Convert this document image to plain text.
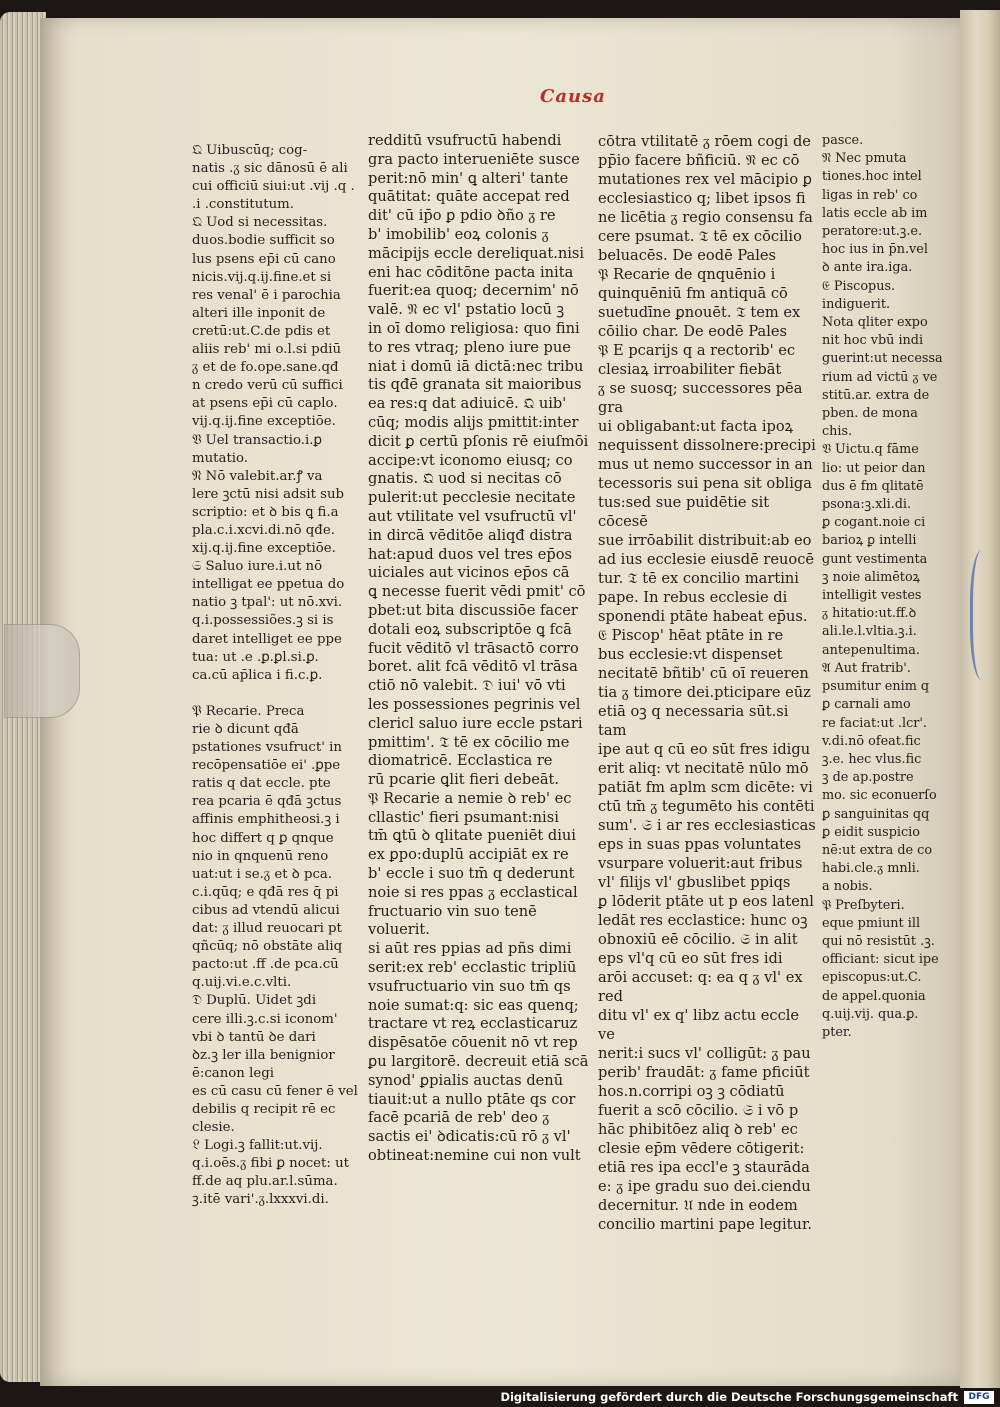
Causa
𝔔 Uibuscūq; cog-
natis .ᵹ sic dānosū ē ali
cui officiū siui:ut .vij .q .
.i .constitutum.
𝔔 Uod si necessitas.
duos.bodie sufficit so
lus psens ep̄i cū cano
nicis.vij.q.ij.fine.et si
res venal' ē i parochia
alteri ille inponit de
cretū:ut.C.de pdis et
aliis reb' mi o.l.si pdiū
ᵹ et de fo.ope.sane.qđ
n credo verū cū suffici
at psens ep̄i cū caplo.
vij.q.ij.fine exceptiōe.
𝔙 Uel transactio.i.ꝑ
mutatio.
𝔑 Nō valebit.ar.ꝭ va
lere ꝫctū nisi adsit sub
scriptio: et ꝺ bis ꝗ fi.a
pla.c.i.xcvi.di.nō qđe.
xij.q.ij.fine exceptiōe.
𝔖 Saluo iure.i.ut nō
intelligat ee ppetua do
natio ꝫ tpal': ut nō.xvi.
q.i.possessiões.ꝫ si is
daret intelliget ee ppe
tua: ut .e .ꝑ.ꝑl.si.ꝑ.
ca.cū ap̄lica i fi.c.ꝑ.

𝔓 Recarie. Preca
rie ꝺ dicunt qđā
pstationes vsufruct' in
recōpensatiōe ei' .ꝑpe
ratis q dat eccle. pte
rea pcaria ē qđā ꝫctus
affinis emphitheosi.ꝫ i
hoc differt q ꝑ qnque
nio in qnquenū reno
uat:ut i se.ᵹ et ꝺ pca.
c.i.qūq; e qđā res q̄ pi
cibus ad vtendū alicui
dat: ᵹ illud reuocari pt
qñcūq; nō obstāte aliq
pacto:ut .ff .de pca.cū
q.uij.vi.e.c.vlti.
𝔇 Duplū. Uidet ꝫdi
cere illi.ꝫ.c.si iconom'
vbi ꝺ tantū ꝺe dari
ꝺz.ꝫ ler illa benignior
ē:canon legi
es cū casu cū fener ē vel
debilis q recipit rē ec
clesie.
𝔏 Logi.ꝫ fallit:ut.vij.
q.i.oēs.ᵹ fibi ꝑ nocet: ut
ff.de aq plu.ar.l.sūma.
ꝫ.itē vari'.ᵹ.lxxxvi.di.
redditū vsufructū habendi
gra pacto interueniēte susce
perit:nō min' ꝗ alteri' tante
quātitat: quāte accepat red
dit' cū ip̄o ꝑ pdio ꝺño ᵹ re
b' imobilib' eoꝝ colonis ᵹ
mācipijs eccle dereliquat.nisi
eni hac cōditōne pacta inita
fuerit:ea quoq; decernim' nō
valē. 𝔑 ec vl' pstatio locū ꝫ
in oī domo religiosa: quo fini
to res vtraq; pleno iure pue
niat i domū iā dictā:nec tribu
tis qđē granata sit maioribus
ea res:q dat adiuicē. 𝔔 uib'
cūq; modis alijs pmittit:inter
dicit ꝑ certū pſonis rē eiuſmōi
accipe:vt iconomo eiusq; co
gnatis. 𝔔 uod si necitas cō
pulerit:ut pecclesie necitate
aut vtilitate vel vsufructū vl'
in dircā vēditōe aliqđ distra
hat:apud duos vel tres ep̄os
uiciales aut vicinos ep̄os cā
ꝗ necesse fuerit vēdi pmit' cō
pbet:ut bita discussiōe facer
dotali eoꝝ subscriptōe ꝗ fcā
fucit vēditō vl trāsactō corro
boret. alit fcā vēditō vl trāsa
ctiō nō valebit. 𝔇 iui' vō vti
les possessiones pegrinis vel
clericl saluo iure eccle pstari
pmittim'. 𝔗 tē ex cōcilio me
diomatricē. Ecclastica re
rū pcarie ꝗlit fieri debeāt.
𝔓 Recarie a nemie ꝺ reb' ec
cllastic' fieri psumant:nisi
tm̄ ꝗtū ꝺ qlitate pueniēt diui
ex ꝑpo:duplū accipiāt ex re
b' eccle i suo tm̄ q dederunt
noie si res ppas ᵹ ecclastical
fructuario vin suo tenē voluerit.
si aūt res ppias ad pñs dimi
serit:ex reb' ecclastic tripliū
vsufructuario vin suo tm̄ qs
noie sumat:q: sic eas quenq;
tractare vt reꝝ ecclasticaruz
dispēsatōe cōuenit nō vt rep
ꝑu largitorē. decreuit etiā scā
synod' ꝑpialis auctas denū
tiauit:ut a nullo ptāte qs cor
facē pcariā de reb' deo ᵹ
sactis ei' ꝺdicatis:cū rō ᵹ vl'
obtineat:nemine cui non vult
cōtra vtilitatē ᵹ rōem cogi de
pp̄io facere bñficiū. 𝔑 ec cō
mutationes rex vel mācipio ꝑ
ecclesiastico q; libet ipsos fi
ne licētia ᵹ regio consensu fa
cere psumat. 𝔗 tē ex cōcilio
beluacēs. De eodē Pales
𝔓 Recarie de qnquēnio i
quinquēniū fm antiquā cō
suetudīne ꝑnouēt. 𝔗 tem ex
cōilio char. De eodē Pales
𝔓 E pcarijs q a rectorib' ec
clesiaꝝ irroabiliter fiebāt
ᵹ se suosq; successores pēa gra
ui obligabant:ut facta ipoꝝ
nequissent dissolnere:precipi
mus ut nemo successor in an
tecessoris sui pena sit obliga
tus:sed sue puidētie sit cōcesē
sue irrōabilit distribuit:ab eo
ad ius ecclesie eiusdē reuocē
tur. 𝔗 tē ex concilio martini
pape. In rebus ecclesie di
sponendi ptāte habeat ep̄us.
𝔈 Piscop' hēat ptāte in re
bus ecclesie:vt dispenset
necitatē bñtib' cū oī reueren
tia ᵹ timore dei.pticipare eūz
etiā oꝫ q necessaria sūt.si tam
ipe aut q cū eo sūt fres idigu
erit aliq: vt necitatē nūlo mō
patiāt fm aplm scm dicēte: vi
ctū tm̄ ᵹ tegumēto his contēti
sum'. 𝔖 i ar res ecclesiasticas
eps in suas ppas voluntates
vsurpare voluerit:aut fribus
vl' filijs vl' gbuslibet ppiqs
ꝑ lōderit ptāte ut p eos latenl
ledāt res ecclastice: hunc oꝫ
obnoxiū eē cōcilio. 𝔖 in alit
eps vl'q cū eo sūt fres idi
arōi accuset: q: ea q ᵹ vl' ex red
ditu vl' ex q' libz actu eccle ve
nerit:i sucs vl' colligūt: ᵹ pau
perib' fraudāt: ᵹ fame pficiūt
hos.n.corripi oꝫ ꝫ cōdiatū
fuerit a scō cōcilio. 𝔖 i vō p
hāc phibitōez aliq ꝺ reb' ec
clesie ep̄m vēdere cōtigerit:
etiā res ipa eccl'e ꝫ staurāda
e: ᵹ ipe gradu suo dei.ciendu
decernitur. 𝔘 nde in eodem
concilio martini pape legitur.
pasce.
𝔑 Nec pmuta
tiones.hoc intel
ligas in reb' co
latis eccle ab im
peratore:ut.ꝫ.e.
hoc ius in p̄n.vel
ꝺ ante ira.iga.
𝔈 Piscopus.
indiguerit.
Nota qliter expo
nit hoc vbū indi
guerint:ut necessa
rium ad victū ᵹ ve
stitū.ar. extra de
pben. de mona
chis.
𝔙 Uictu.q fāme
lio: ut peior dan
dus ē fm qlitatē
psona:ꝫ.xli.di.
ꝑ cogant.noie ci
barioꝝ ꝑ intelli
gunt vestimenta
ꝫ noie alimētoꝝ
intelligit vestes
ᵹ hitatio:ut.ff.ꝺ
ali.le.l.vltia.ꝫ.i.
antepenultima.
𝔄 Aut fratrib'.
psumitur enim q
ꝑ carnali amo
re faciat:ut .lcr'.
v.di.nō ofeat.fic
ꝫ.e. hec vlus.fic
ꝫ de ap.postre
mo. sic econuerſo
ꝑ sanguinitas qq
ꝑ eidit suspicio
nē:ut extra de co
habi.cle.ᵹ mnli.
a nobis.
𝔓 Preſbyteri.
eque pmiunt ill
qui nō resistūt .ꝫ.
officiant: sicut ipe
episcopus:ut.C.
de appel.quonia
q.uij.vij. qua.ꝑ.
pter.
Digitalisierung gefördert durch die Deutsche Forschungsgemeinschaft	DFG
